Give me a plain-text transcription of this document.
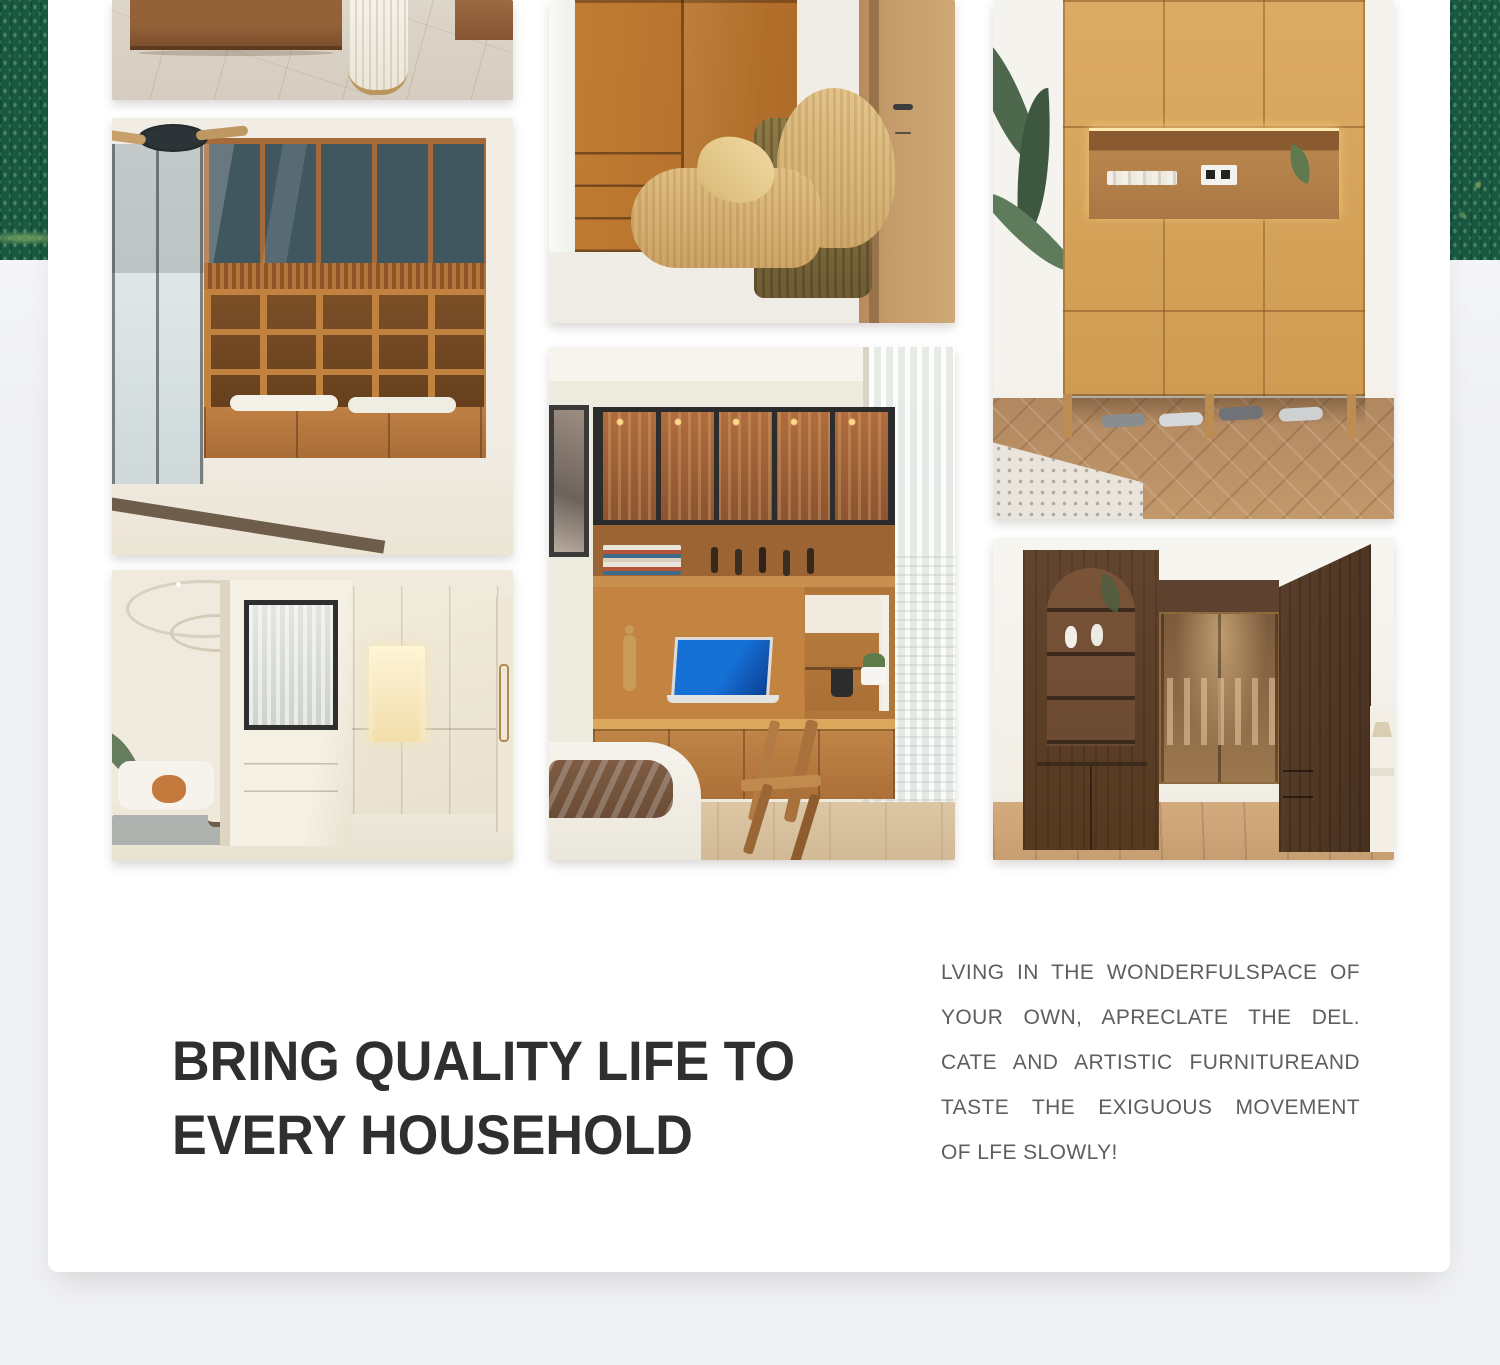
BRING QUALITY LIFE TO
EVERY HOUSEHOLD
LVING IN THE WONDERFULSPACE OF
YOUR OWN, APRECLATE THE DEL.
CATE AND ARTISTIC FURNITUREAND
TASTE THE EXIGUOUS MOVEMENT
OF LFE SLOWLY!
